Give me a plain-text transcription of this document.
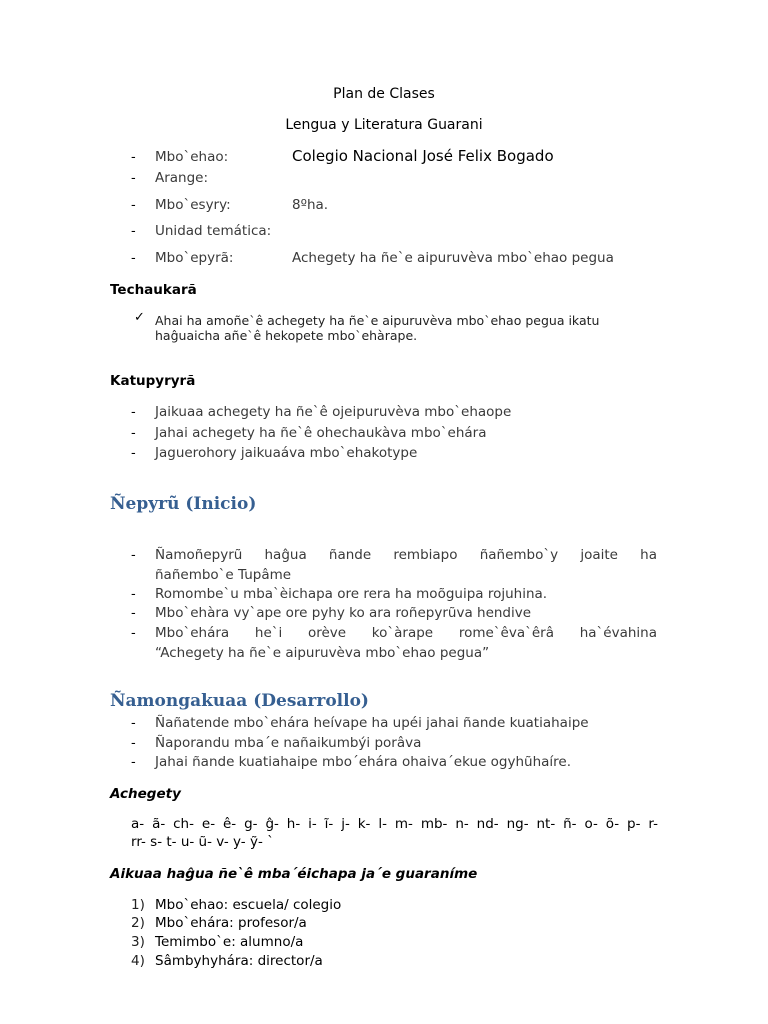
Plan de Clases
Lengua y Literatura Guarani
- Mbo`ehao:	Colegio Nacional José Felix Bogado
- Arange:
- Mbo`esyry:	8ºha.
- Unidad temática:
- Mbo`epyrã:	Achegety ha ñe`e aipuruvèva mbo`ehao pegua
Techaukarã
✓ Ahai ha amoñe`ê achegety ha ñe`e aipuruvèva mbo`ehao pegua ikatu
haĝuaicha añe`ê hekopete mbo`ehàrape.
Katupyryrã
- Jaikuaa achegety ha ñe`ê ojeipuruvèva mbo`ehaope
- Jahai achegety ha ñe`ê ohechaukàva mbo`ehára
- Jaguerohory jaikuaáva mbo`ehakotype
Ñepyrũ (Inicio)
- Ñamoñepyrũ haĝua ñande rembiapo ñañembo`y joaite ha
ñañembo`e Tupâme
- Romombe`u mba`èichapa ore rera ha moõguipa rojuhina.
- Mbo`ehàra vy`ape ore pyhy ko ara roñepyrũva hendive
- Mbo`ehára he`i orève ko`àrape rome`êva`êrâ ha`évahina
“Achegety ha ñe`e aipuruvèva mbo`ehao pegua”
Ñamongakuaa (Desarrollo)
- Ñañatende mbo`ehára heívape ha upéi jahai ñande kuatiahaipe
- Ñaporandu mba´e nañaikumbýi porâva
- Jahai ñande kuatiahaipe mbo´ehára ohaiva´ekue ogyhũhaíre.
Achegety
a- ã- ch- e- ê- g- ĝ- h- i- ĩ- j- k- l- m- mb- n- nd- ng- nt- ñ- o- õ- p- r-
rr- s- t- u- ũ- v- y- ỹ- `
Aikuaa haĝua ñe`ê mba´éichapa ja´e guaraníme
1) Mbo`ehao: escuela/ colegio
2) Mbo`ehára: profesor/a
3) Temimbo`e: alumno/a
4) Sâmbyhyhára: director/a
